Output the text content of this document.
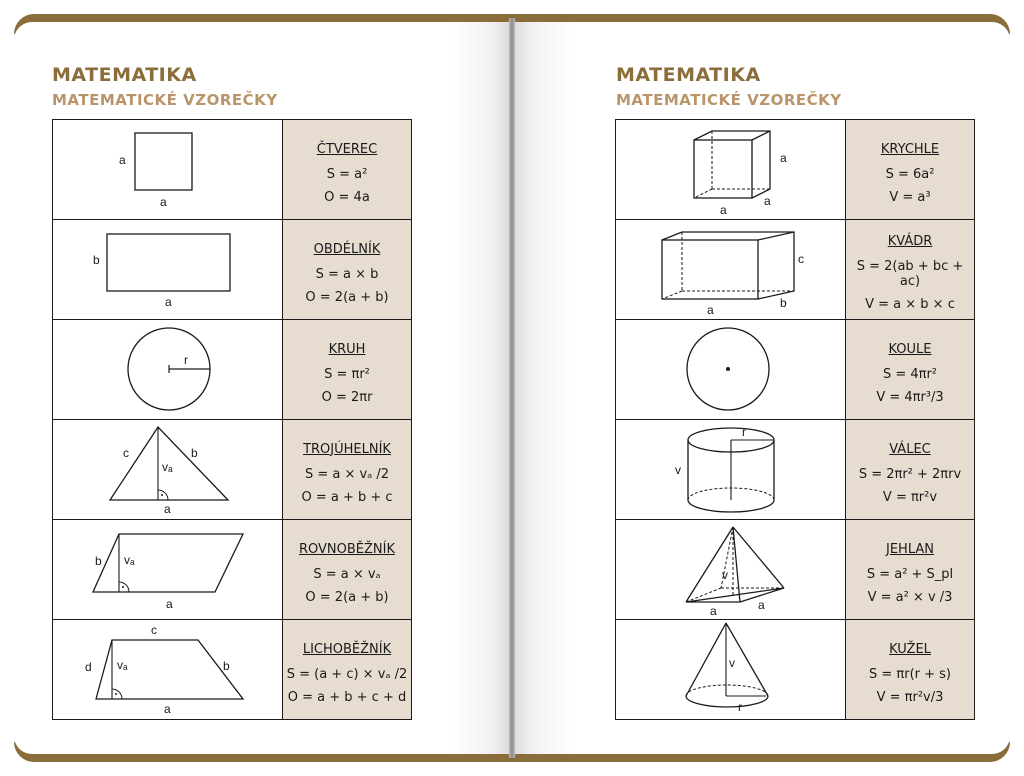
MATEMATIKA
MATEMATICKÉ VZOREČKY
a
a	ČTVEREC
S = a²
O = 4a

b
a	OBDÉLNÍK
S = a × b
O = 2(a + b)

r	KRUH
S = πr²
O = 2πr

c b
vₐ
a	TROJÚHELNÍK
S = a × vₐ /2
O = a + b + c

b vₐ
a	ROVNOBĚŽNÍK
S = a × vₐ
O = 2(a + b)

c
d vₐ b
a	LICHOBĚŽNÍK
S = (a + c) × vₐ /2
O = a + b + c + d
MATEMATIKA
MATEMATICKÉ VZOREČKY
a
a
a	KRYCHLE
S = 6a²
V = a³

c
b
a	KVÁDR
S = 2(ab + bc + ac)
V = a × b × c

KOULE
S = 4πr²
V = 4πr³/3

r
v	VÁLEC
S = 2πr² + 2πrv
V = πr²v

v
a a	JEHLAN
S = a² + S_pl
V = a² × v /3

v
r	KUŽEL
S = πr(r + s)
V = πr²v/3
